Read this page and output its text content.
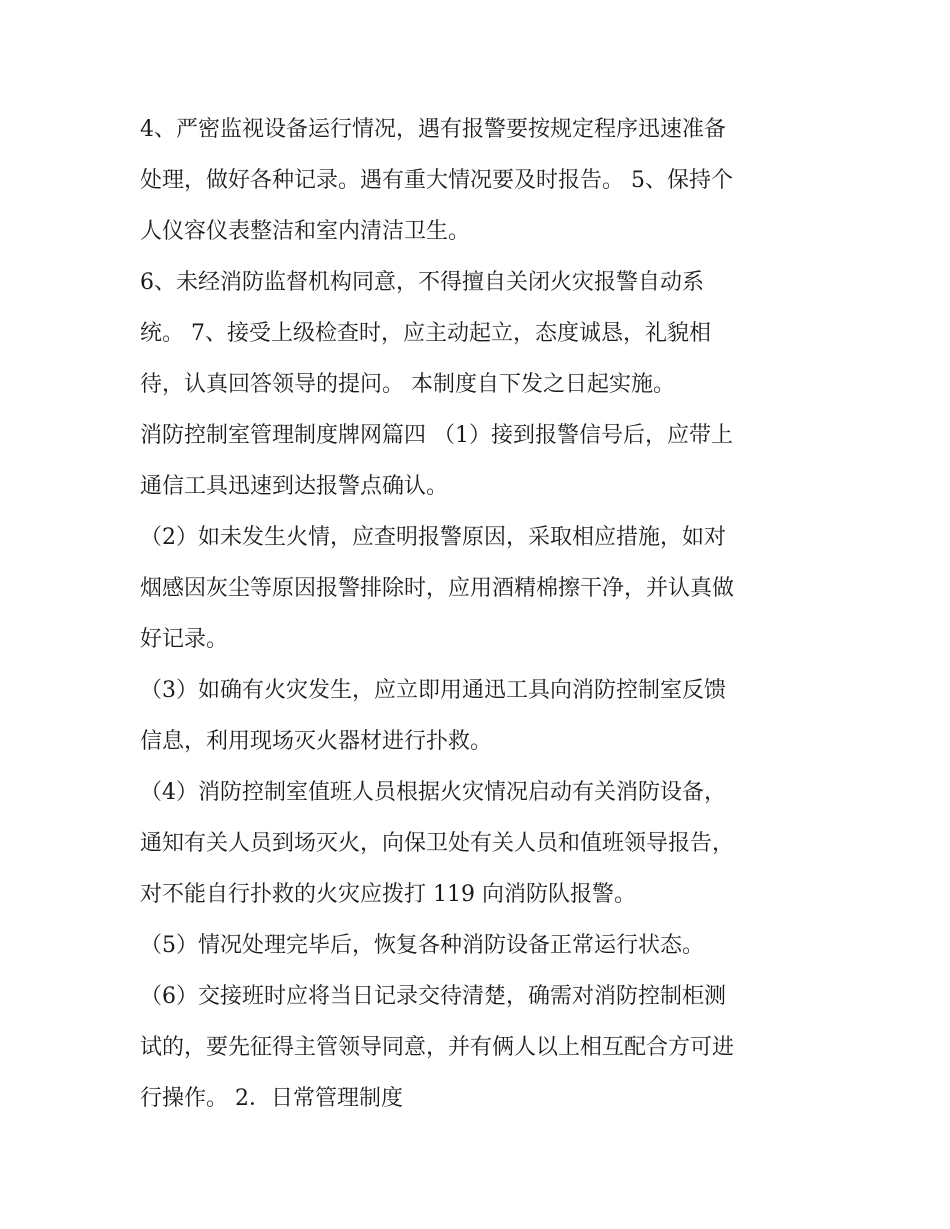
4、严密监视设备运行情况，遇有报警要按规定程序迅速准备
处理，做好各种记录。遇有重大情况要及时报告。 5、保持个
人仪容仪表整洁和室内清洁卫生。
6、未经消防监督机构同意，不得擅自关闭火灾报警自动系
统。 7、接受上级检查时，应主动起立，态度诚恳，礼貌相
待，认真回答领导的提问。 本制度自下发之日起实施。
消防控制室管理制度牌网篇四 （1）接到报警信号后，应带上
通信工具迅速到达报警点确认。
（2）如未发生火情，应查明报警原因，采取相应措施，如对
烟感因灰尘等原因报警排除时，应用酒精棉擦干净，并认真做
好记录。
（3）如确有火灾发生，应立即用通迅工具向消防控制室反馈
信息，利用现场灭火器材进行扑救。
（4）消防控制室值班人员根据火灾情况启动有关消防设备，
通知有关人员到场灭火，向保卫处有关人员和值班领导报告，
对不能自行扑救的火灾应拨打 119 向消防队报警。
（5）情况处理完毕后，恢复各种消防设备正常运行状态。
（6）交接班时应将当日记录交待清楚，确需对消防控制柜测
试的，要先征得主管领导同意，并有俩人以上相互配合方可进
行操作。 2．日常管理制度
